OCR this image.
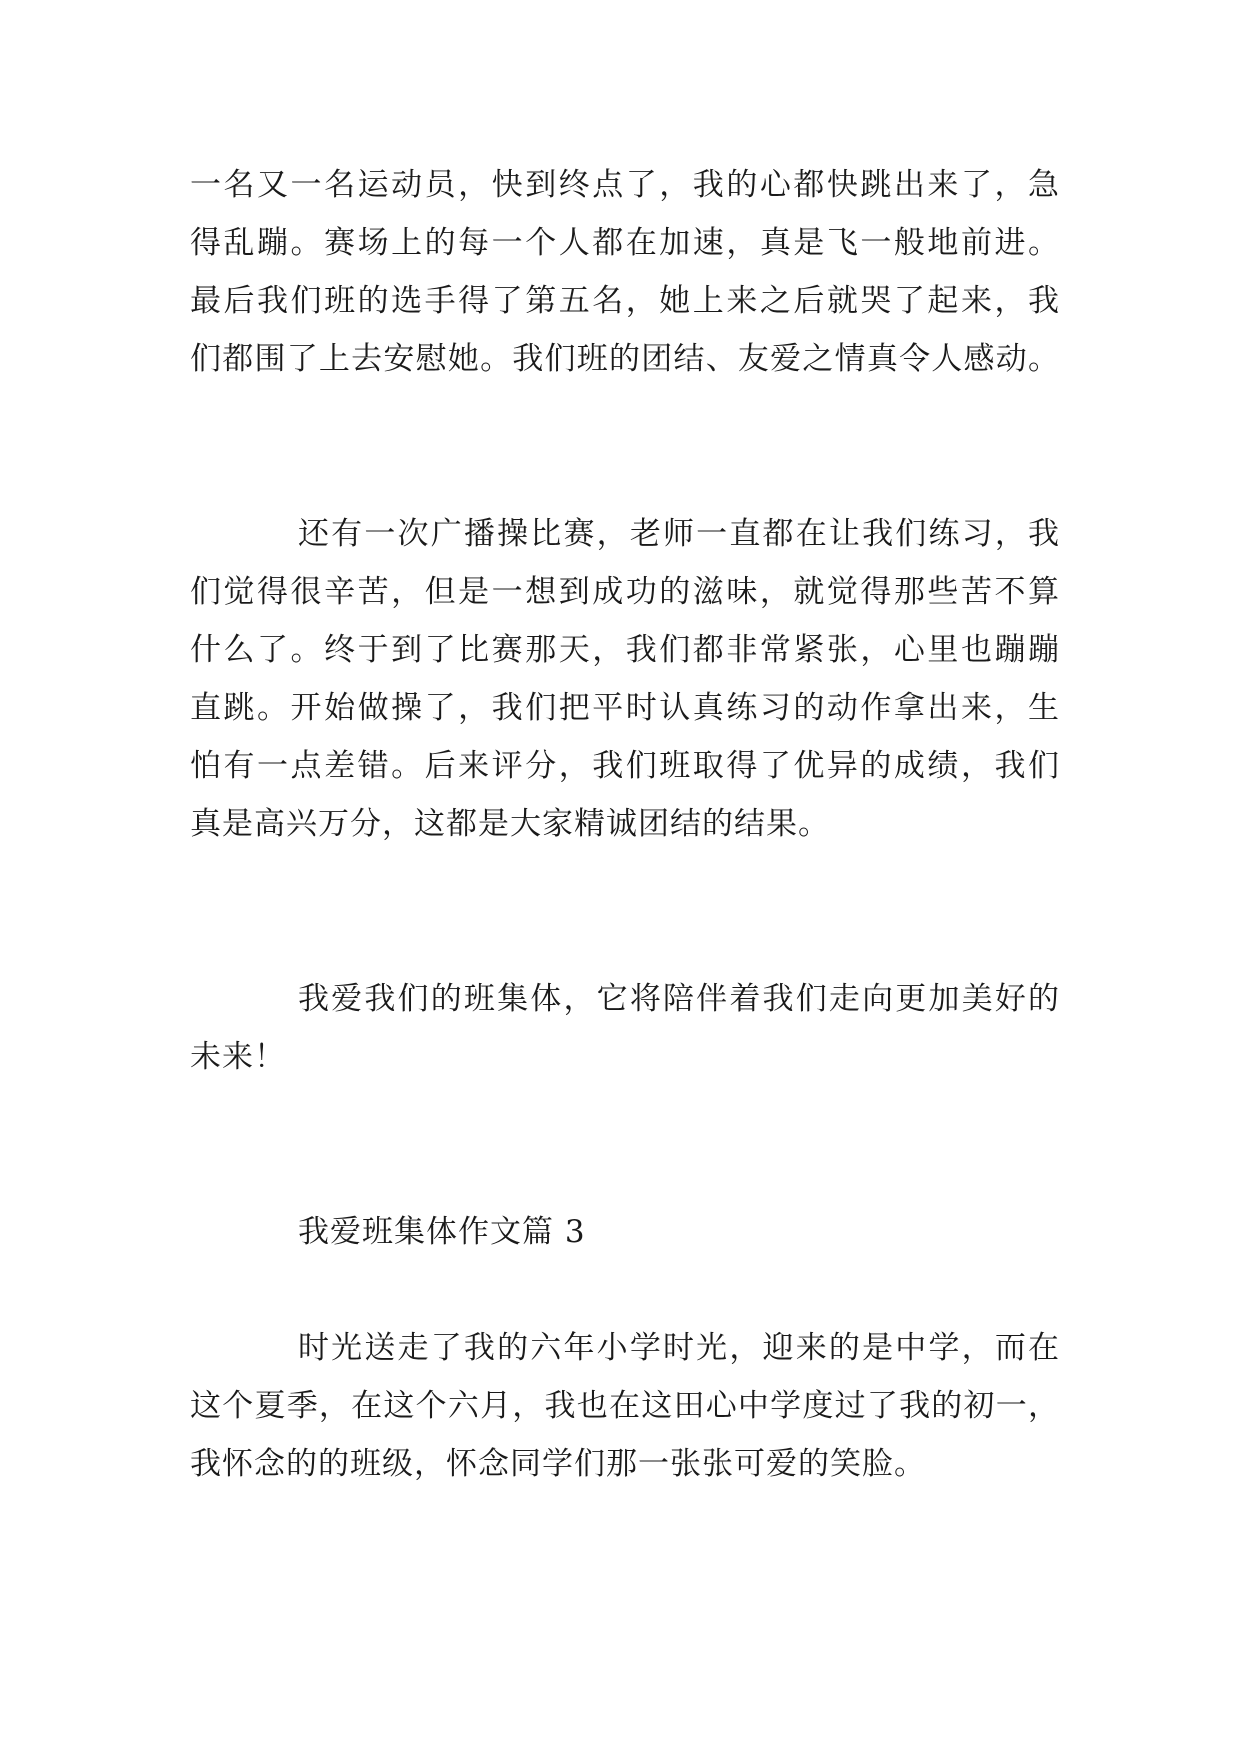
一名又一名运动员，快到终点了，我的心都快跳出来了，急
得乱蹦。赛场上的每一个人都在加速，真是飞一般地前进。
最后我们班的选手得了第五名，她上来之后就哭了起来，我
们都围了上去安慰她。我们班的团结、友爱之情真令人感动。
还有一次广播操比赛，老师一直都在让我们练习，我
们觉得很辛苦，但是一想到成功的滋味，就觉得那些苦不算
什么了。终于到了比赛那天，我们都非常紧张，心里也蹦蹦
直跳。开始做操了，我们把平时认真练习的动作拿出来，生
怕有一点差错。后来评分，我们班取得了优异的成绩，我们
真是高兴万分，这都是大家精诚团结的结果。
我爱我们的班集体，它将陪伴着我们走向更加美好的
未来！
我爱班集体作文篇 3
时光送走了我的六年小学时光，迎来的是中学，而在
这个夏季，在这个六月，我也在这田心中学度过了我的初一，
我怀念的的班级，怀念同学们那一张张可爱的笑脸。
